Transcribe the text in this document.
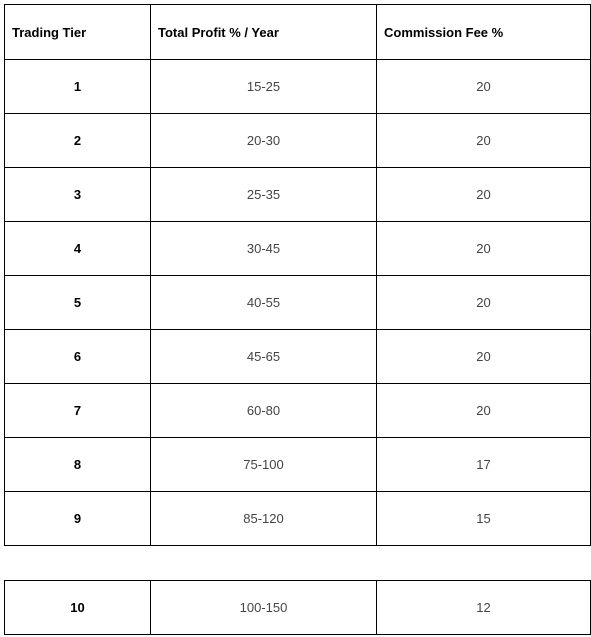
Trading Tier	Total Profit % / Year	Commission Fee %
1	15-25	20
2	20-30	20
3	25-35	20
4	30-45	20
5	40-55	20
6	45-65	20
7	60-80	20
8	75-100	17
9	85-120	15
10	100-150	12
